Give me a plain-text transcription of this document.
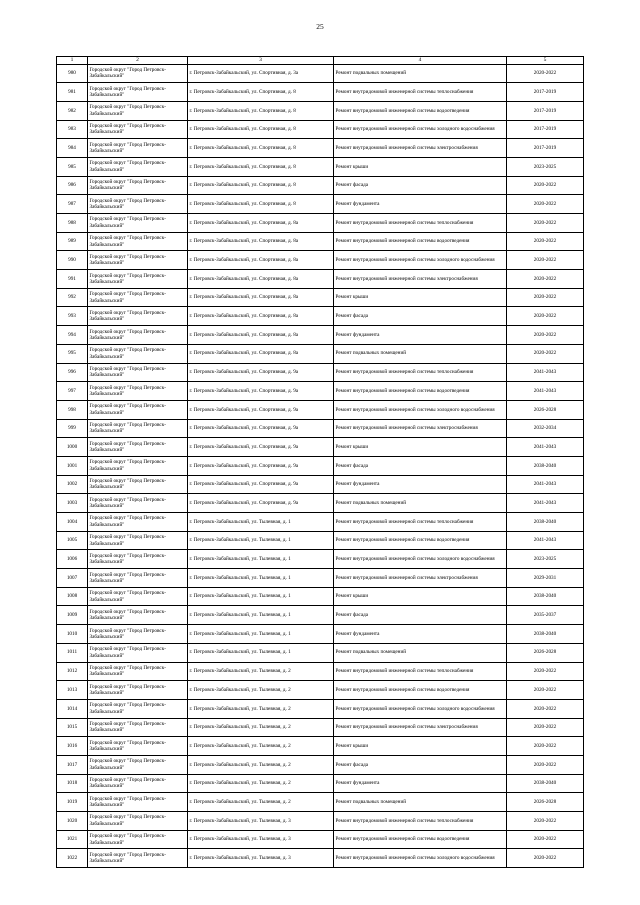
25
1	2	3	4	5
980	Городской округ "Город Петровск-Забайкальский"	г. Петровск-Забайкальский, ул. Спортивная, д. 3а	Ремонт подвальных помещений	2020-2022
981	Городской округ "Город Петровск-Забайкальский"	г. Петровск-Забайкальский, ул. Спортивная, д. 8	Ремонт внутридомовой инженерной системы теплоснабжения	2017-2019
982	Городской округ "Город Петровск-Забайкальский"	г. Петровск-Забайкальский, ул. Спортивная, д. 8	Ремонт внутридомовой инженерной системы водоотведения	2017-2019
983	Городской округ "Город Петровск-Забайкальский"	г. Петровск-Забайкальский, ул. Спортивная, д. 8	Ремонт внутридомовой инженерной системы холодного водоснабжения	2017-2019
984	Городской округ "Город Петровск-Забайкальский"	г. Петровск-Забайкальский, ул. Спортивная, д. 8	Ремонт внутридомовой инженерной системы электроснабжения	2017-2019
985	Городской округ "Город Петровск-Забайкальский"	г. Петровск-Забайкальский, ул. Спортивная, д. 8	Ремонт крыши	2023-2025
986	Городской округ "Город Петровск-Забайкальский"	г. Петровск-Забайкальский, ул. Спортивная, д. 8	Ремонт фасада	2020-2022
987	Городской округ "Город Петровск-Забайкальский"	г. Петровск-Забайкальский, ул. Спортивная, д. 8	Ремонт фундамента	2020-2022
988	Городской округ "Город Петровск-Забайкальский"	г. Петровск-Забайкальский, ул. Спортивная, д. 8а	Ремонт внутридомовой инженерной системы теплоснабжения	2020-2022
989	Городской округ "Город Петровск-Забайкальский"	г. Петровск-Забайкальский, ул. Спортивная, д. 8а	Ремонт внутридомовой инженерной системы водоотведения	2020-2022
990	Городской округ "Город Петровск-Забайкальский"	г. Петровск-Забайкальский, ул. Спортивная, д. 8а	Ремонт внутридомовой инженерной системы холодного водоснабжения	2020-2022
991	Городской округ "Город Петровск-Забайкальский"	г. Петровск-Забайкальский, ул. Спортивная, д. 8а	Ремонт внутридомовой инженерной системы электроснабжения	2020-2022
992	Городской округ "Город Петровск-Забайкальский"	г. Петровск-Забайкальский, ул. Спортивная, д. 8а	Ремонт крыши	2020-2022
993	Городской округ "Город Петровск-Забайкальский"	г. Петровск-Забайкальский, ул. Спортивная, д. 8а	Ремонт фасада	2020-2022
994	Городской округ "Город Петровск-Забайкальский"	г. Петровск-Забайкальский, ул. Спортивная, д. 8а	Ремонт фундамента	2020-2022
995	Городской округ "Город Петровск-Забайкальский"	г. Петровск-Забайкальский, ул. Спортивная, д. 8а	Ремонт подвальных помещений	2020-2022
996	Городской округ "Город Петровск-Забайкальский"	г. Петровск-Забайкальский, ул. Спортивная, д. 9а	Ремонт внутридомовой инженерной системы теплоснабжения	2041-2043
997	Городской округ "Город Петровск-Забайкальский"	г. Петровск-Забайкальский, ул. Спортивная, д. 9а	Ремонт внутридомовой инженерной системы водоотведения	2041-2043
998	Городской округ "Город Петровск-Забайкальский"	г. Петровск-Забайкальский, ул. Спортивная, д. 9а	Ремонт внутридомовой инженерной системы холодного водоснабжения	2026-2028
999	Городской округ "Город Петровск-Забайкальский"	г. Петровск-Забайкальский, ул. Спортивная, д. 9а	Ремонт внутридомовой инженерной системы электроснабжения	2032-2034
1000	Городской округ "Город Петровск-Забайкальский"	г. Петровск-Забайкальский, ул. Спортивная, д. 9а	Ремонт крыши	2041-2043
1001	Городской округ "Город Петровск-Забайкальский"	г. Петровск-Забайкальский, ул. Спортивная, д. 9а	Ремонт фасада	2038-2040
1002	Городской округ "Город Петровск-Забайкальский"	г. Петровск-Забайкальский, ул. Спортивная, д. 9а	Ремонт фундамента	2041-2043
1003	Городской округ "Город Петровск-Забайкальский"	г. Петровск-Забайкальский, ул. Спортивная, д. 9а	Ремонт подвальных помещений	2041-2043
1004	Городской округ "Город Петровск-Забайкальский"	г. Петровск-Забайкальский, ул. Тылевная, д. 1	Ремонт внутридомовой инженерной системы теплоснабжения	2038-2040
1005	Городской округ "Город Петровск-Забайкальский"	г. Петровск-Забайкальский, ул. Тылевная, д. 1	Ремонт внутридомовой инженерной системы водоотведения	2041-2043
1006	Городской округ "Город Петровск-Забайкальский"	г. Петровск-Забайкальский, ул. Тылевная, д. 1	Ремонт внутридомовой инженерной системы холодного водоснабжения	2023-2025
1007	Городской округ "Город Петровск-Забайкальский"	г. Петровск-Забайкальский, ул. Тылевная, д. 1	Ремонт внутридомовой инженерной системы электроснабжения	2029-2031
1008	Городской округ "Город Петровск-Забайкальский"	г. Петровск-Забайкальский, ул. Тылевная, д. 1	Ремонт крыши	2038-2040
1009	Городской округ "Город Петровск-Забайкальский"	г. Петровск-Забайкальский, ул. Тылевная, д. 1	Ремонт фасада	2035-2037
1010	Городской округ "Город Петровск-Забайкальский"	г. Петровск-Забайкальский, ул. Тылевная, д. 1	Ремонт фундамента	2038-2040
1011	Городской округ "Город Петровск-Забайкальский"	г. Петровск-Забайкальский, ул. Тылевная, д. 1	Ремонт подвальных помещений	2026-2028
1012	Городской округ "Город Петровск-Забайкальский"	г. Петровск-Забайкальский, ул. Тылевная, д. 2	Ремонт внутридомовой инженерной системы теплоснабжения	2020-2022
1013	Городской округ "Город Петровск-Забайкальский"	г. Петровск-Забайкальский, ул. Тылевная, д. 2	Ремонт внутридомовой инженерной системы водоотведения	2020-2022
1014	Городской округ "Город Петровск-Забайкальский"	г. Петровск-Забайкальский, ул. Тылевная, д. 2	Ремонт внутридомовой инженерной системы холодного водоснабжения	2020-2022
1015	Городской округ "Город Петровск-Забайкальский"	г. Петровск-Забайкальский, ул. Тылевная, д. 2	Ремонт внутридомовой инженерной системы электроснабжения	2020-2022
1016	Городской округ "Город Петровск-Забайкальский"	г. Петровск-Забайкальский, ул. Тылевная, д. 2	Ремонт крыши	2020-2022
1017	Городской округ "Город Петровск-Забайкальский"	г. Петровск-Забайкальский, ул. Тылевная, д. 2	Ремонт фасада	2020-2022
1018	Городской округ "Город Петровск-Забайкальский"	г. Петровск-Забайкальский, ул. Тылевная, д. 2	Ремонт фундамента	2038-2040
1019	Городской округ "Город Петровск-Забайкальский"	г. Петровск-Забайкальский, ул. Тылевная, д. 2	Ремонт подвальных помещений	2026-2028
1020	Городской округ "Город Петровск-Забайкальский"	г. Петровск-Забайкальский, ул. Тылевная, д. 3	Ремонт внутридомовой инженерной системы теплоснабжения	2020-2022
1021	Городской округ "Город Петровск-Забайкальский"	г. Петровск-Забайкальский, ул. Тылевная, д. 3	Ремонт внутридомовой инженерной системы водоотведения	2020-2022
1022	Городской округ "Город Петровск-Забайкальский"	г. Петровск-Забайкальский, ул. Тылевная, д. 3	Ремонт внутридомовой инженерной системы холодного водоснабжения	2020-2022
